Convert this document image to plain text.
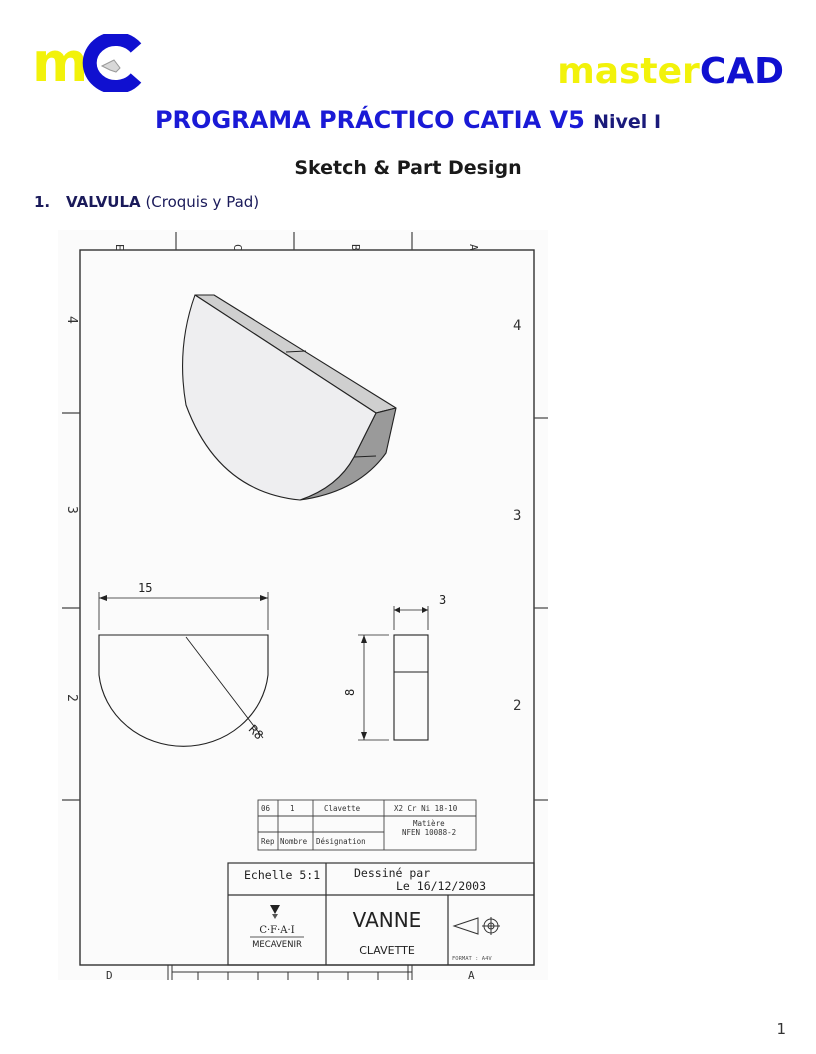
m	masterCAD
PROGRAMA PRÁCTICO CATIA V5 Nivel I
Sketch & Part Design
1. VALVULA (Croquis y Pad)
E	C	B	A
4
3
2
4
3
2
15
R8
3
8
06	1	Clavette	X2 Cr Ni 18-10
Matière
NFEN 10088-2
Rep Nombre Désignation
Echelle 5:1	Dessiné par
Le 16/12/2003
C·F·A·I
MECAVENIR
VANNE
CLAVETTE
FORMAT : A4V
D	A
1
